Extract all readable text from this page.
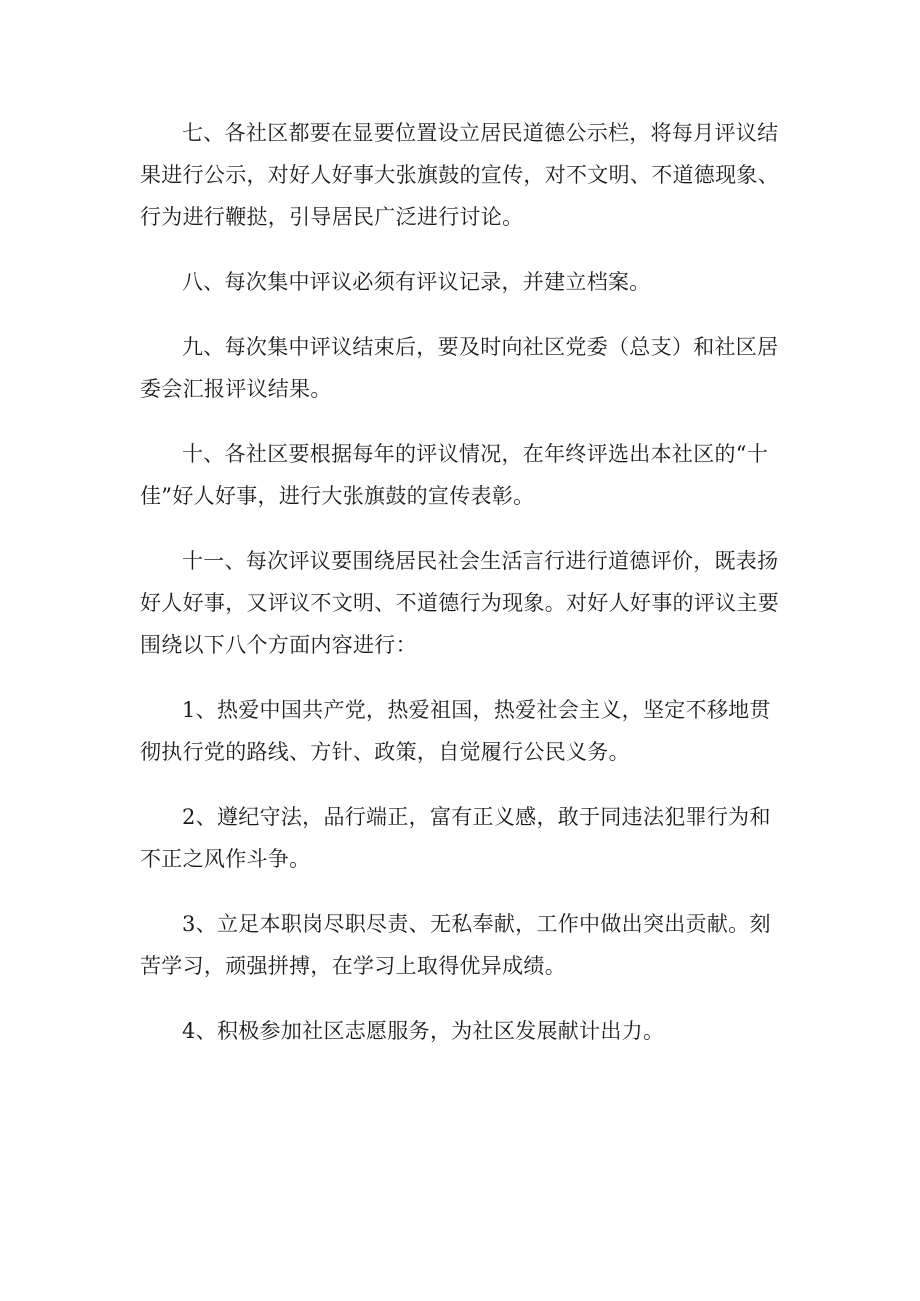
七、各社区都要在显要位置设立居民道德公示栏，将每月评议结果进行公示，对好人好事大张旗鼓的宣传，对不文明、不道德现象、行为进行鞭挞，引导居民广泛进行讨论。

八、每次集中评议必须有评议记录，并建立档案。

九、每次集中评议结束后，要及时向社区党委（总支）和社区居委会汇报评议结果。

十、各社区要根据每年的评议情况，在年终评选出本社区的“十佳”好人好事，进行大张旗鼓的宣传表彰。

十一、每次评议要围绕居民社会生活言行进行道德评价，既表扬好人好事，又评议不文明、不道德行为现象。对好人好事的评议主要围绕以下八个方面内容进行：

1、热爱中国共产党，热爱祖国，热爱社会主义，坚定不移地贯彻执行党的路线、方针、政策，自觉履行公民义务。

2、遵纪守法，品行端正，富有正义感，敢于同违法犯罪行为和不正之风作斗争。

3、立足本职岗尽职尽责、无私奉献，工作中做出突出贡献。刻苦学习，顽强拼搏，在学习上取得优异成绩。

4、积极参加社区志愿服务，为社区发展献计出力。
